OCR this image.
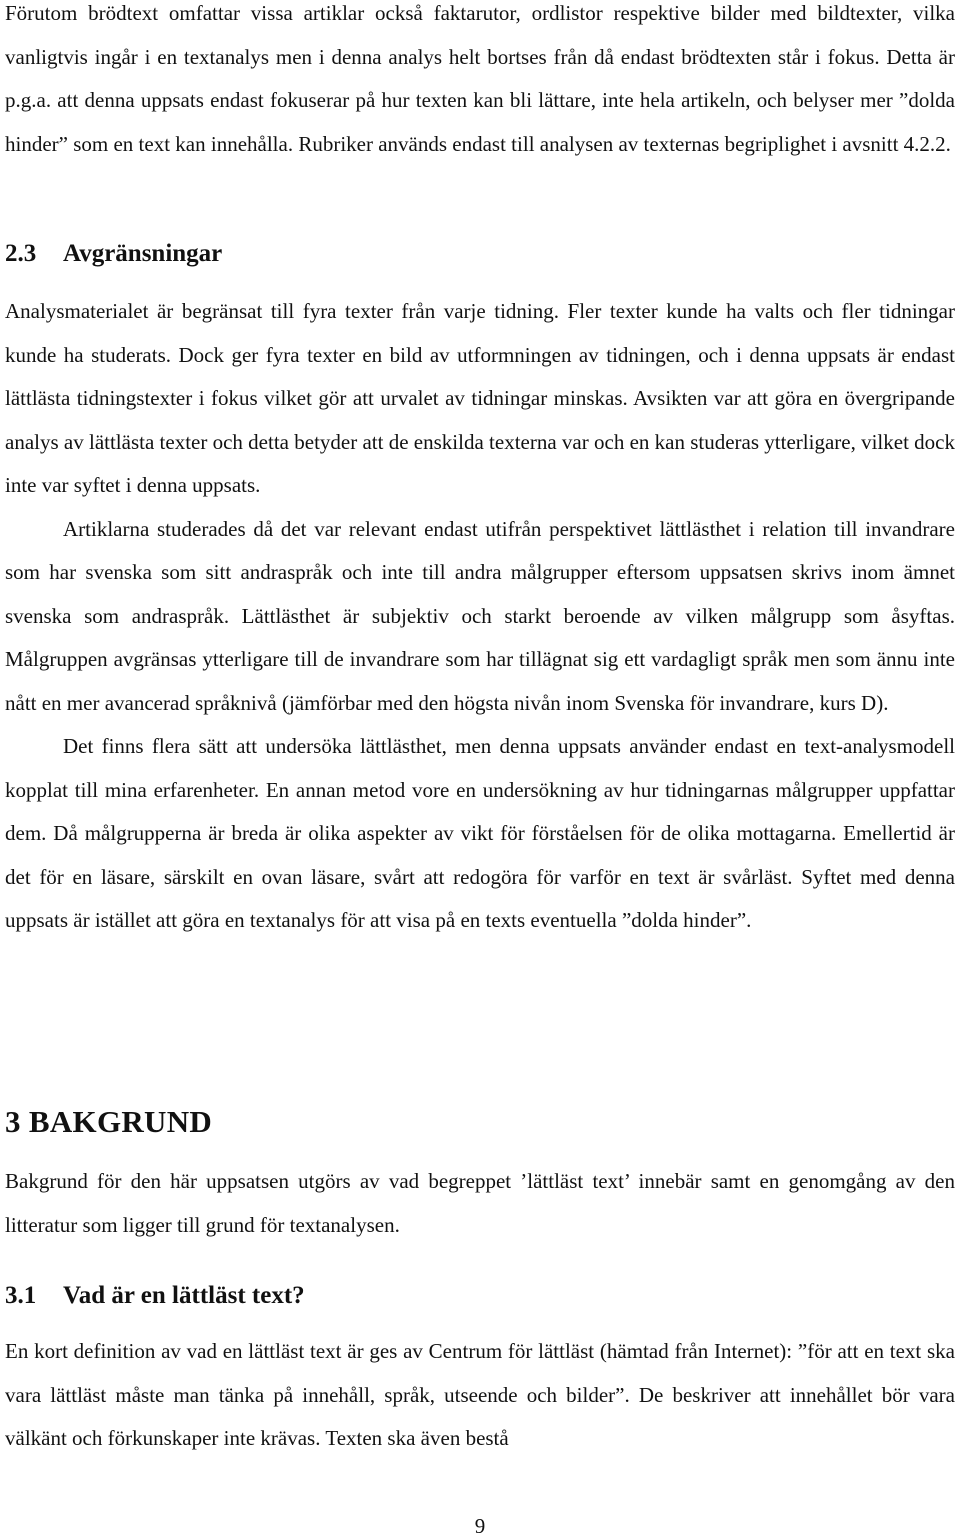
Förutom brödtext omfattar vissa artiklar också faktarutor, ordlistor respektive bilder med bildtexter, vilka vanligtvis ingår i en textanalys men i denna analys helt bortses från då endast brödtexten står i fokus. Detta är p.g.a. att denna uppsats endast fokuserar på hur texten kan bli lättare, inte hela artikeln, och belyser mer ”dolda hinder” som en text kan innehålla. Rubriker används endast till analysen av texternas begriplighet i avsnitt 4.2.2.

2.3 Avgränsningar

Analysmaterialet är begränsat till fyra texter från varje tidning. Fler texter kunde ha valts och fler tidningar kunde ha studerats. Dock ger fyra texter en bild av utformningen av tidningen, och i denna uppsats är endast lättlästa tidningstexter i fokus vilket gör att urvalet av tidningar minskas. Avsikten var att göra en övergripande analys av lättlästa texter och detta betyder att de enskilda texterna var och en kan studeras ytterligare, vilket dock inte var syftet i denna uppsats.

Artiklarna studerades då det var relevant endast utifrån perspektivet lättlästhet i relation till invandrare som har svenska som sitt andraspråk och inte till andra målgrupper eftersom uppsatsen skrivs inom ämnet svenska som andraspråk. Lättlästhet är subjektiv och starkt beroende av vilken målgrupp som åsyftas. Målgruppen avgränsas ytterligare till de invandrare som har tillägnat sig ett vardagligt språk men som ännu inte nått en mer avancerad språknivå (jämförbar med den högsta nivån inom Svenska för invandrare, kurs D).

Det finns flera sätt att undersöka lättlästhet, men denna uppsats använder endast en text-analysmodell kopplat till mina erfarenheter. En annan metod vore en undersökning av hur tidningarnas målgrupper uppfattar dem. Då målgrupperna är breda är olika aspekter av vikt för förståelsen för de olika mottagarna. Emellertid är det för en läsare, särskilt en ovan läsare, svårt att redogöra för varför en text är svårläst. Syftet med denna uppsats är istället att göra en textanalys för att visa på en texts eventuella ”dolda hinder”.

3 BAKGRUND

Bakgrund för den här uppsatsen utgörs av vad begreppet ’lättläst text’ innebär samt en genomgång av den litteratur som ligger till grund för textanalysen.

3.1 Vad är en lättläst text?

En kort definition av vad en lättläst text är ges av Centrum för lättläst (hämtad från Internet): ”för att en text ska vara lättläst måste man tänka på innehåll, språk, utseende och bilder”. De beskriver att innehållet bör vara välkänt och förkunskaper inte krävas. Texten ska även bestå

9
